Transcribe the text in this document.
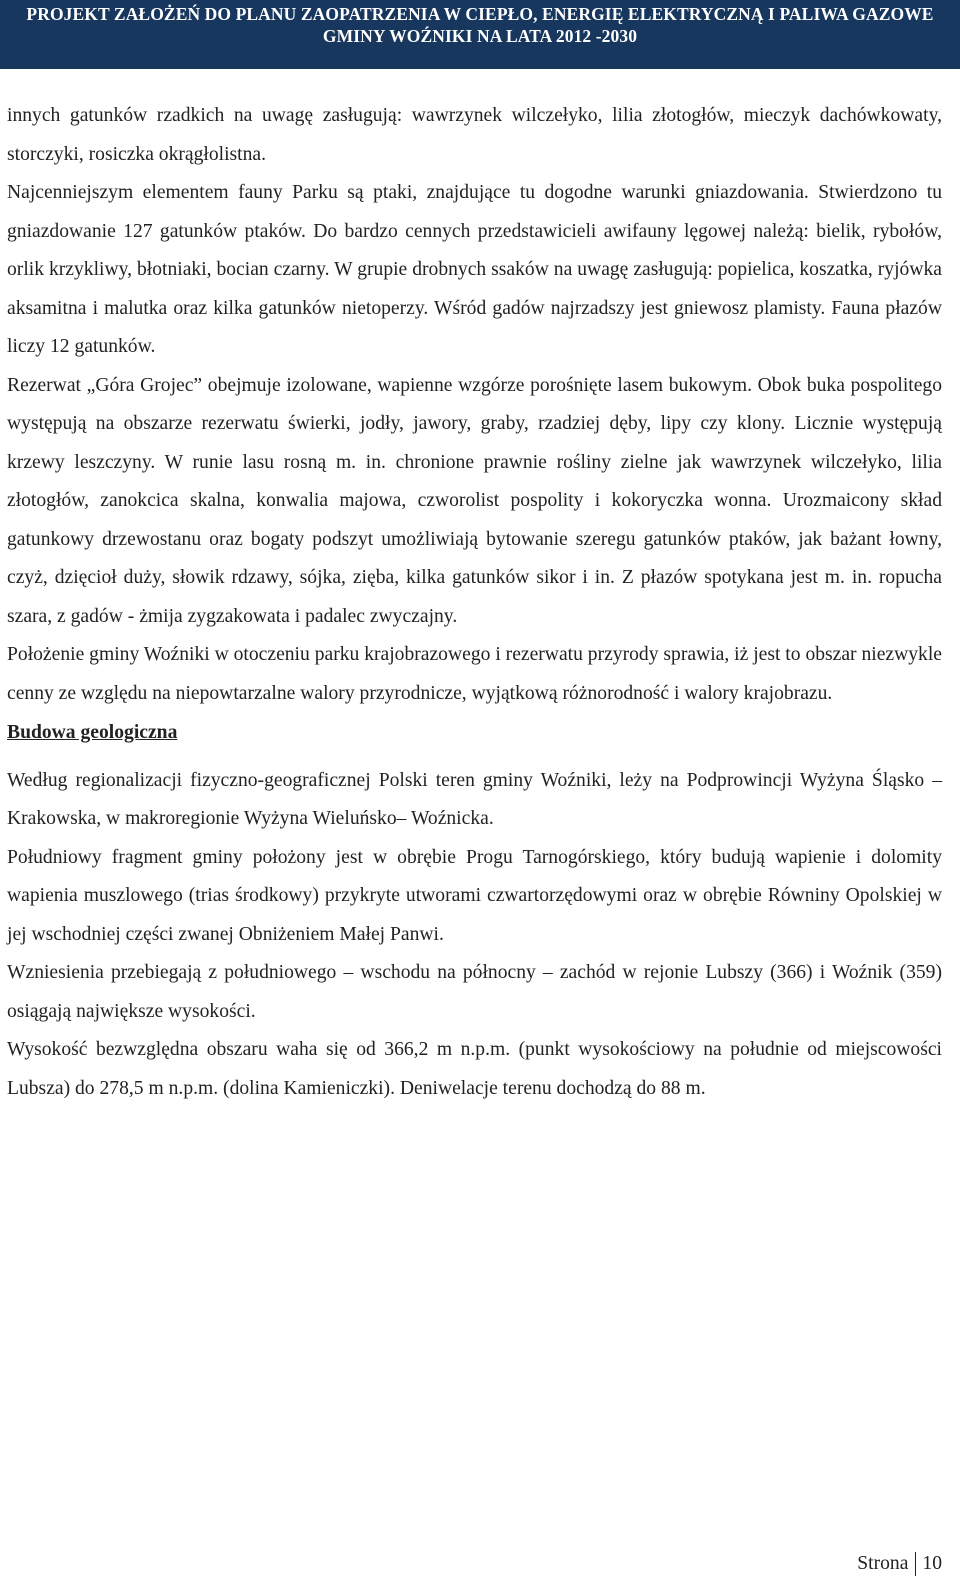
PROJEKT ZAŁOŻEŃ DO PLANU ZAOPATRZENIA W CIEPŁO, ENERGIĘ ELEKTRYCZNĄ I PALIWA GAZOWE
GMINY WOŹNIKI NA LATA 2012 -2030

innych gatunków rzadkich na uwagę zasługują: wawrzynek wilczełyko, lilia złotogłów, mieczyk dachówkowaty, storczyki, rosiczka okrągłolistna.

Najcenniejszym elementem fauny Parku są ptaki, znajdujące tu dogodne warunki gniazdowania. Stwierdzono tu gniazdowanie 127 gatunków ptaków. Do bardzo cennych przedstawicieli awifauny lęgowej należą: bielik, rybołów, orlik krzykliwy, błotniaki, bocian czarny. W grupie drobnych ssaków na uwagę zasługują: popielica, koszatka, ryjówka aksamitna i malutka oraz kilka gatunków nietoperzy. Wśród gadów najrzadszy jest gniewosz plamisty. Fauna płazów liczy 12 gatunków.

Rezerwat „Góra Grojec” obejmuje izolowane, wapienne wzgórze porośnięte lasem bukowym. Obok buka pospolitego występują na obszarze rezerwatu świerki, jodły, jawory, graby, rzadziej dęby, lipy czy klony. Licznie występują krzewy leszczyny. W runie lasu rosną m. in. chronione prawnie rośliny zielne jak wawrzynek wilczełyko, lilia złotogłów, zanokcica skalna, konwalia majowa, czworolist pospolity i kokoryczka wonna. Urozmaicony skład gatunkowy drzewostanu oraz bogaty podszyt umożliwiają bytowanie szeregu gatunków ptaków, jak bażant łowny, czyż, dzięcioł duży, słowik rdzawy, sójka, zięba, kilka gatunków sikor i in. Z płazów spotykana jest m. in. ropucha szara, z gadów - żmija zygzakowata i padalec zwyczajny.

Położenie gminy Woźniki w otoczeniu parku krajobrazowego i rezerwatu przyrody sprawia, iż jest to obszar niezwykle cenny ze względu na niepowtarzalne walory przyrodnicze, wyjątkową różnorodność i walory krajobrazu.

Budowa geologiczna

Według regionalizacji fizyczno-geograficznej Polski teren gminy Woźniki, leży na Podprowincji Wyżyna Śląsko – Krakowska, w makroregionie Wyżyna Wieluńsko– Woźnicka.

Południowy fragment gminy położony jest w obrębie Progu Tarnogórskiego, który budują wapienie i dolomity wapienia muszlowego (trias środkowy) przykryte utworami czwartorzędowymi oraz w obrębie Równiny Opolskiej w jej wschodniej części zwanej Obniżeniem Małej Panwi.

Wzniesienia przebiegają z południowego – wschodu na północny – zachód w rejonie Lubszy (366) i Woźnik (359) osiągają największe wysokości.

Wysokość bezwzględna obszaru waha się od 366,2 m n.p.m. (punkt wysokościowy na południe od miejscowości Lubsza) do 278,5 m n.p.m. (dolina Kamieniczki). Deniwelacje terenu dochodzą do 88 m.

Strona 10
